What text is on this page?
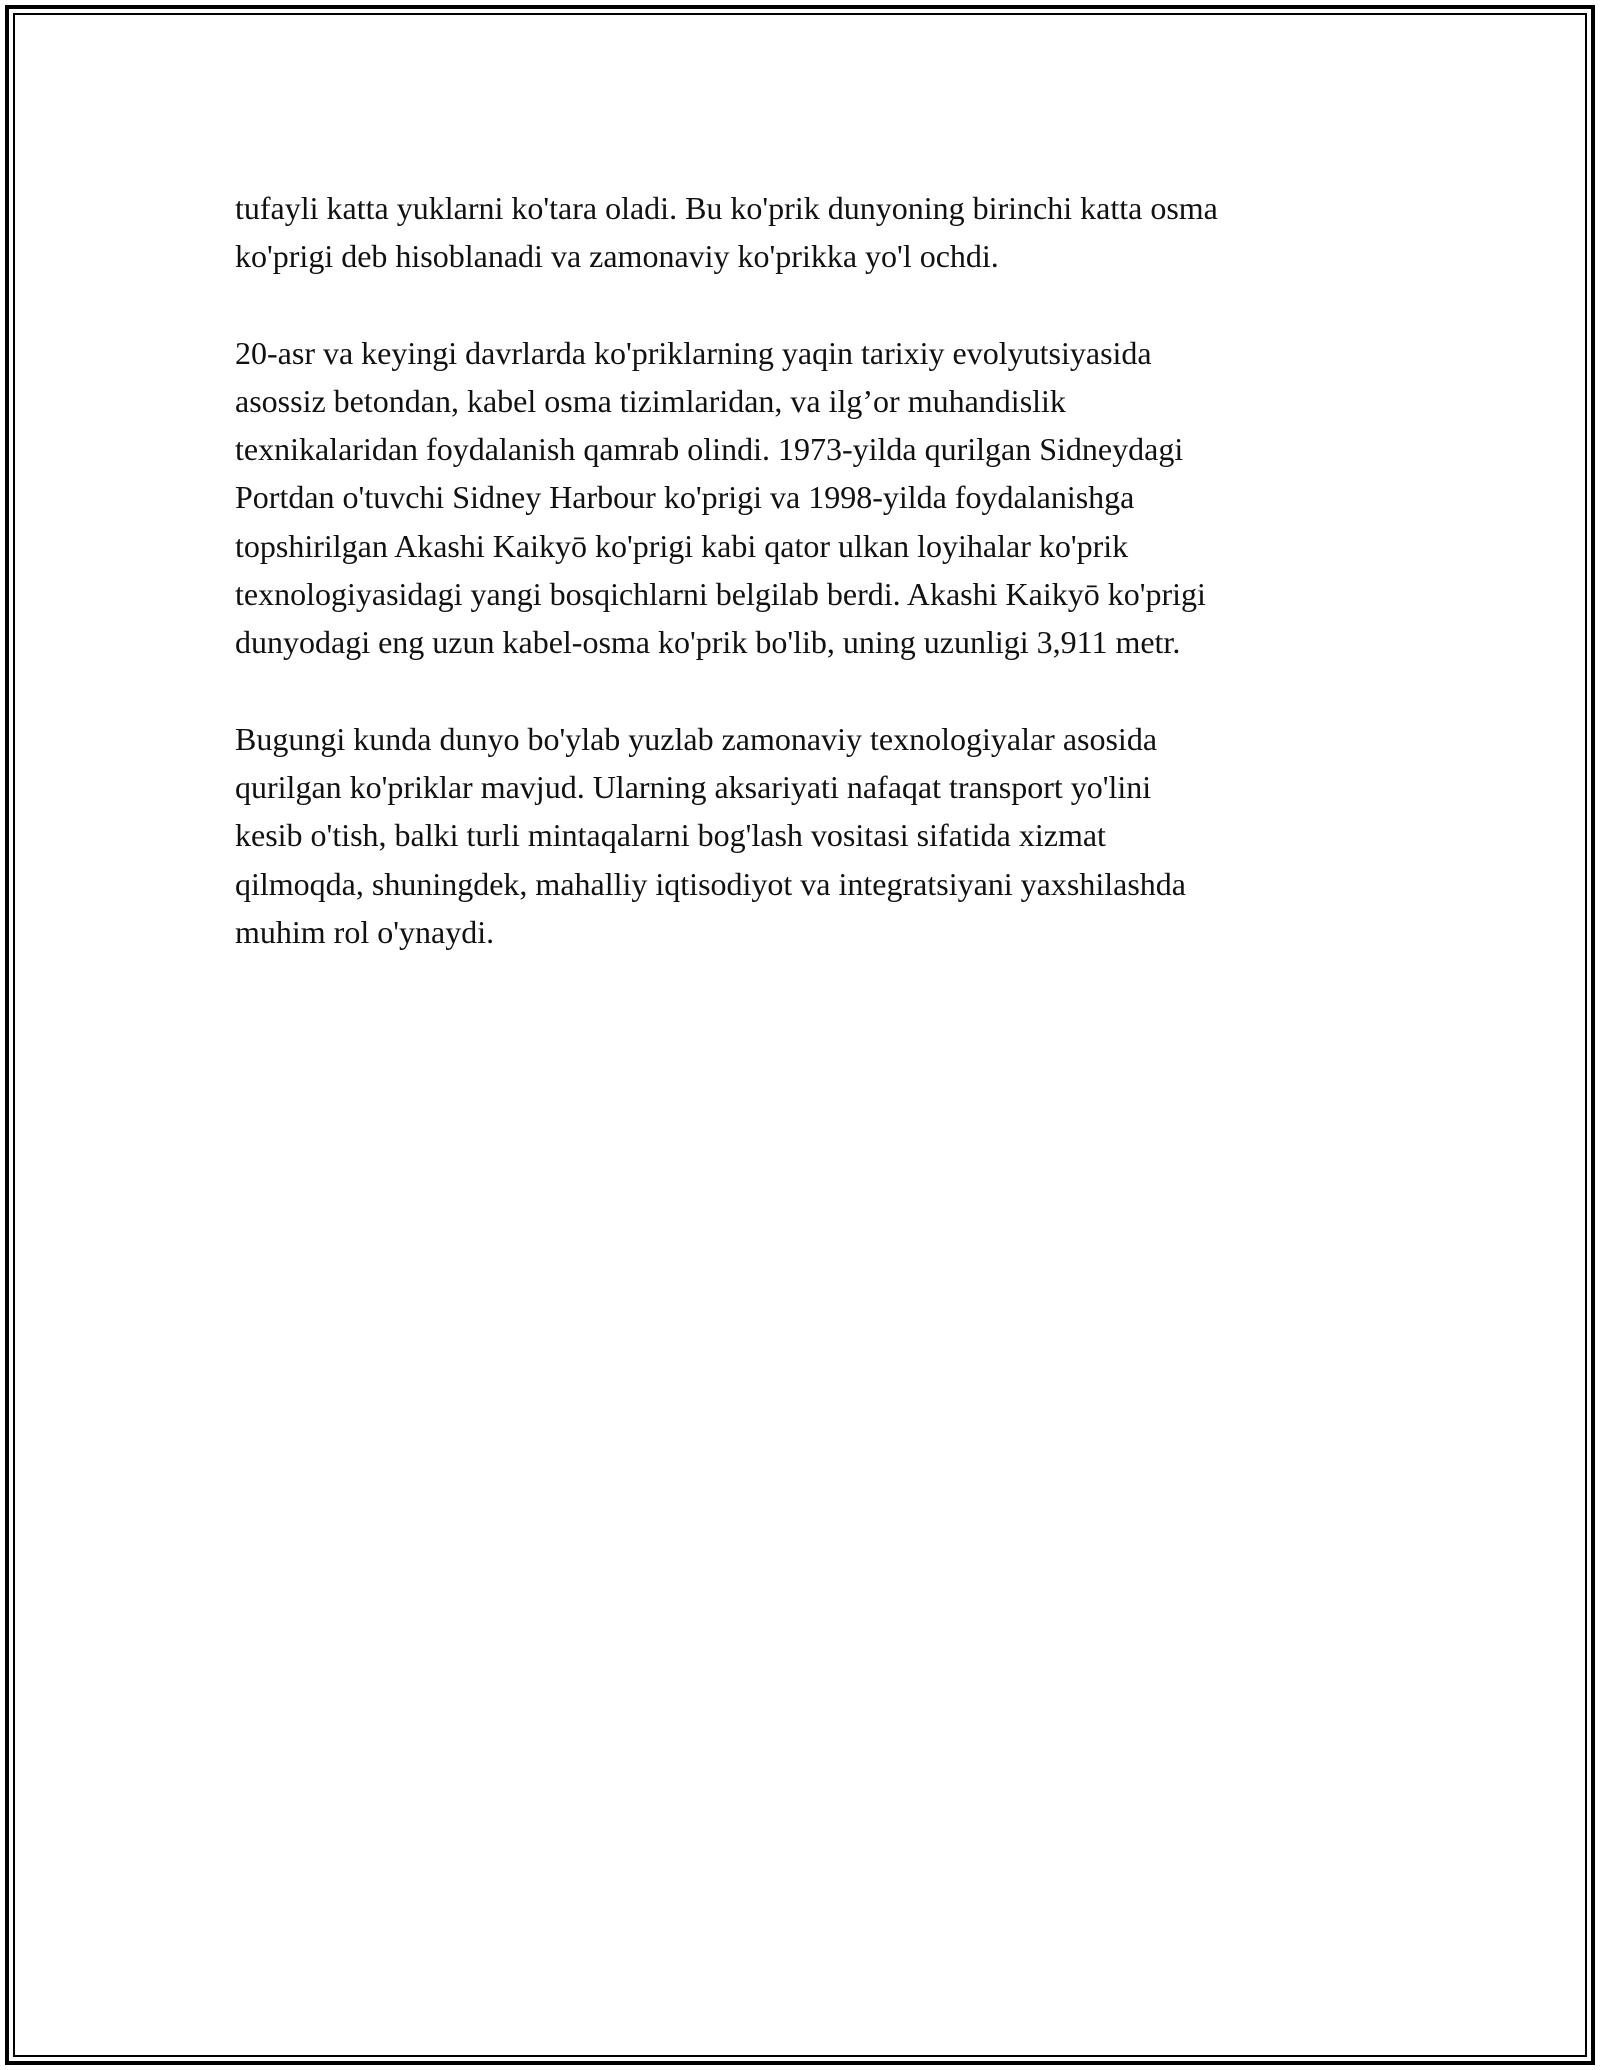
tufayli katta yuklarni ko'tara oladi. Bu ko'prik dunyoning birinchi katta osma
ko'prigi deb hisoblanadi va zamonaviy ko'prikka yo'l ochdi.

20-asr va keyingi davrlarda ko'priklarning yaqin tarixiy evolyutsiyasida
asossiz betondan, kabel osma tizimlaridan, va ilg’or muhandislik
texnikalaridan foydalanish qamrab olindi. 1973-yilda qurilgan Sidneydagi
Portdan o'tuvchi Sidney Harbour ko'prigi va 1998-yilda foydalanishga
topshirilgan Akashi Kaikyō ko'prigi kabi qator ulkan loyihalar ko'prik
texnologiyasidagi yangi bosqichlarni belgilab berdi. Akashi Kaikyō ko'prigi
dunyodagi eng uzun kabel-osma ko'prik bo'lib, uning uzunligi 3,911 metr.

Bugungi kunda dunyo bo'ylab yuzlab zamonaviy texnologiyalar asosida
qurilgan ko'priklar mavjud. Ularning aksariyati nafaqat transport yo'lini
kesib o'tish, balki turli mintaqalarni bog'lash vositasi sifatida xizmat
qilmoqda, shuningdek, mahalliy iqtisodiyot va integratsiyani yaxshilashda
muhim rol o'ynaydi.
